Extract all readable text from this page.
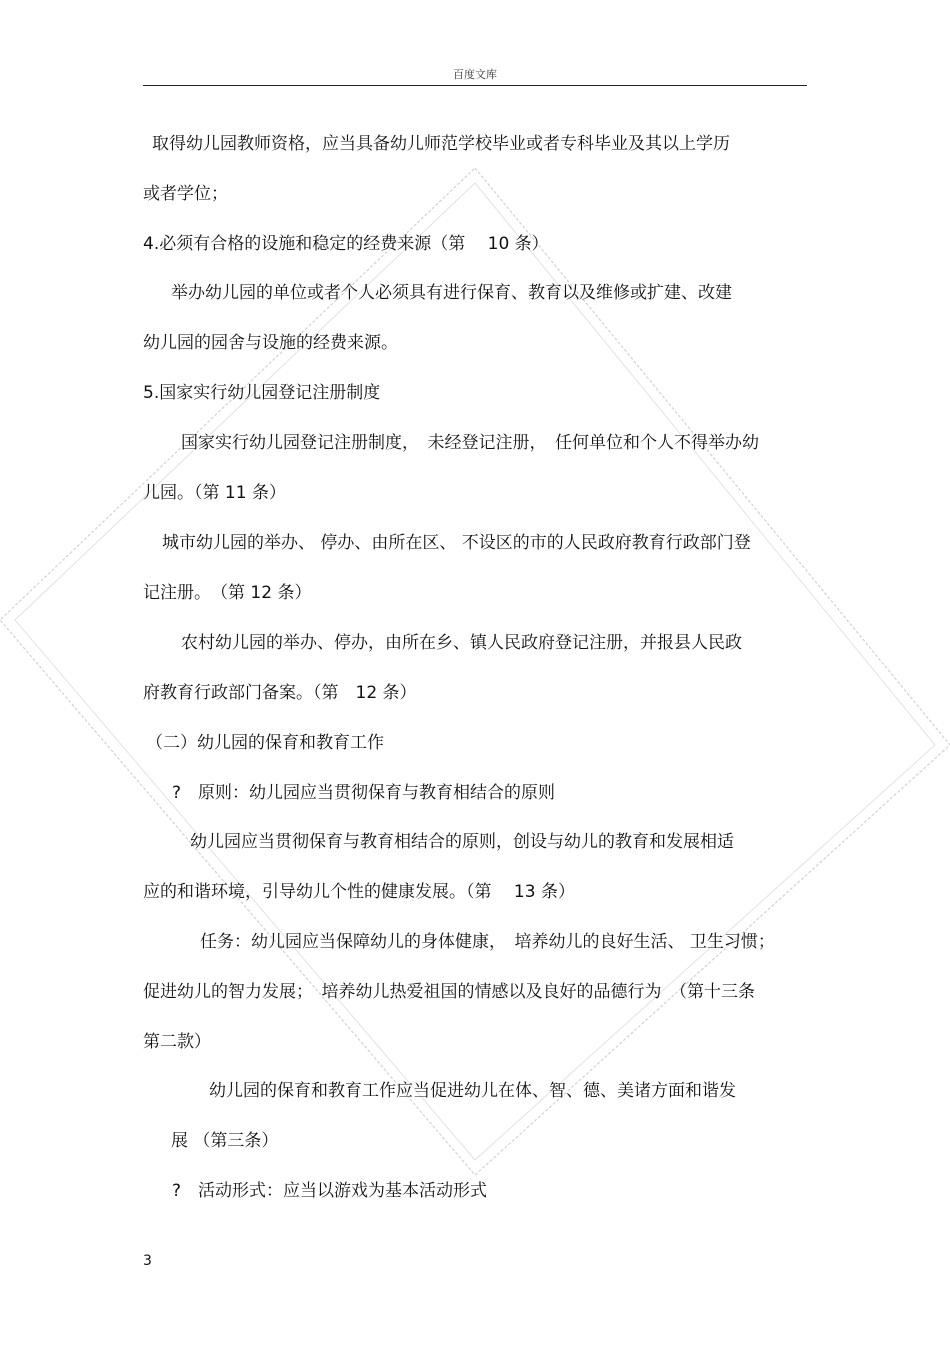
百度文库
取得幼儿园教师资格，应当具备幼儿师范学校毕业或者专科毕业及其以上学历
或者学位；
4.必须有合格的设施和稳定的经费来源（第　 10 条）
举办幼儿园的单位或者个人必须具有进行保育、教育以及维修或扩建、改建
幼儿园的园舍与设施的经费来源。
5.国家实行幼儿园登记注册制度
国家实行幼儿园登记注册制度，　未经登记注册，　任何单位和个人不得举办幼
儿园。（第 11 条）
城市幼儿园的举办、 停办、由所在区、 不设区的市的人民政府教育行政部门登
记注册。　（第 12 条）
农村幼儿园的举办、停办，由所在乡、镇人民政府登记注册，并报县人民政
府教育行政部门备案。（第　12 条）
（二）幼儿园的保育和教育工作
?　原则：幼儿园应当贯彻保育与教育相结合的原则
幼儿园应当贯彻保育与教育相结合的原则，创设与幼儿的教育和发展相适
应的和谐环境，引导幼儿个性的健康发展。（第　 13 条）
任务：幼儿园应当保障幼儿的身体健康，　培养幼儿的良好生活、 卫生习惯；
促进幼儿的智力发展；　培养幼儿热爱祖国的情感以及良好的品德行为　（第十三条
第二款）
幼儿园的保育和教育工作应当促进幼儿在体、智、德、美诸方面和谐发
展 （第三条）
?　活动形式：应当以游戏为基本活动形式
3
